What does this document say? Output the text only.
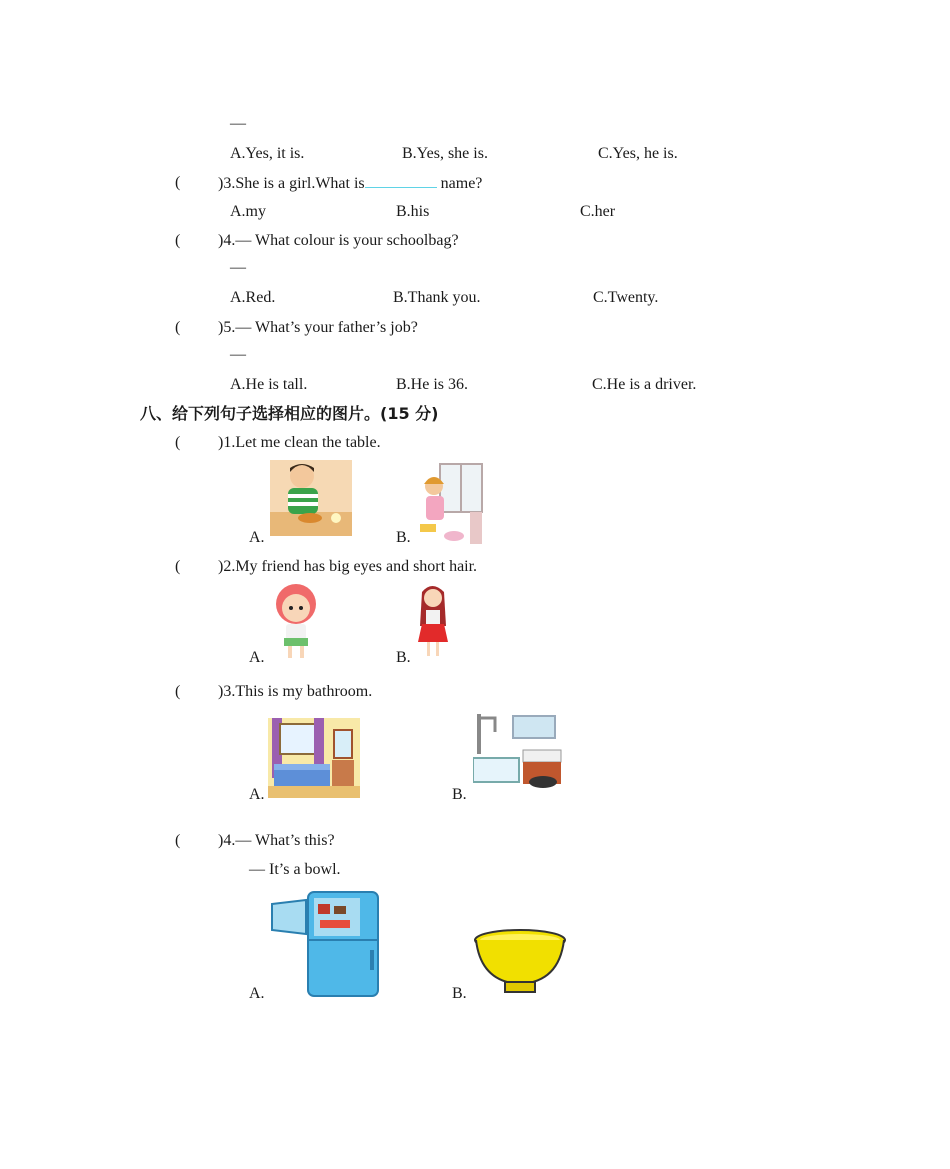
—
A.Yes, it is.	B.Yes, she is.	C.Yes, he is.
( )3.She is a girl.What is	name?
A.my	B.his	C.her
( )4.— What colour is your schoolbag?
—
A.Red.	B.Thank you.	C.Twenty.
( )5.— What’s your father’s job?
—
A.He is tall.	B.He is 36.	C.He is a driver.
八、给下列句子选择相应的图片。(15 分)
( )1.Let me clean the table.
A.	B.
( )2.My friend has big eyes and short hair.
A.	B.
( )3.This is my bathroom.
A.	B.
( )4.— What’s this?
— It’s a bowl.
A.	B.
